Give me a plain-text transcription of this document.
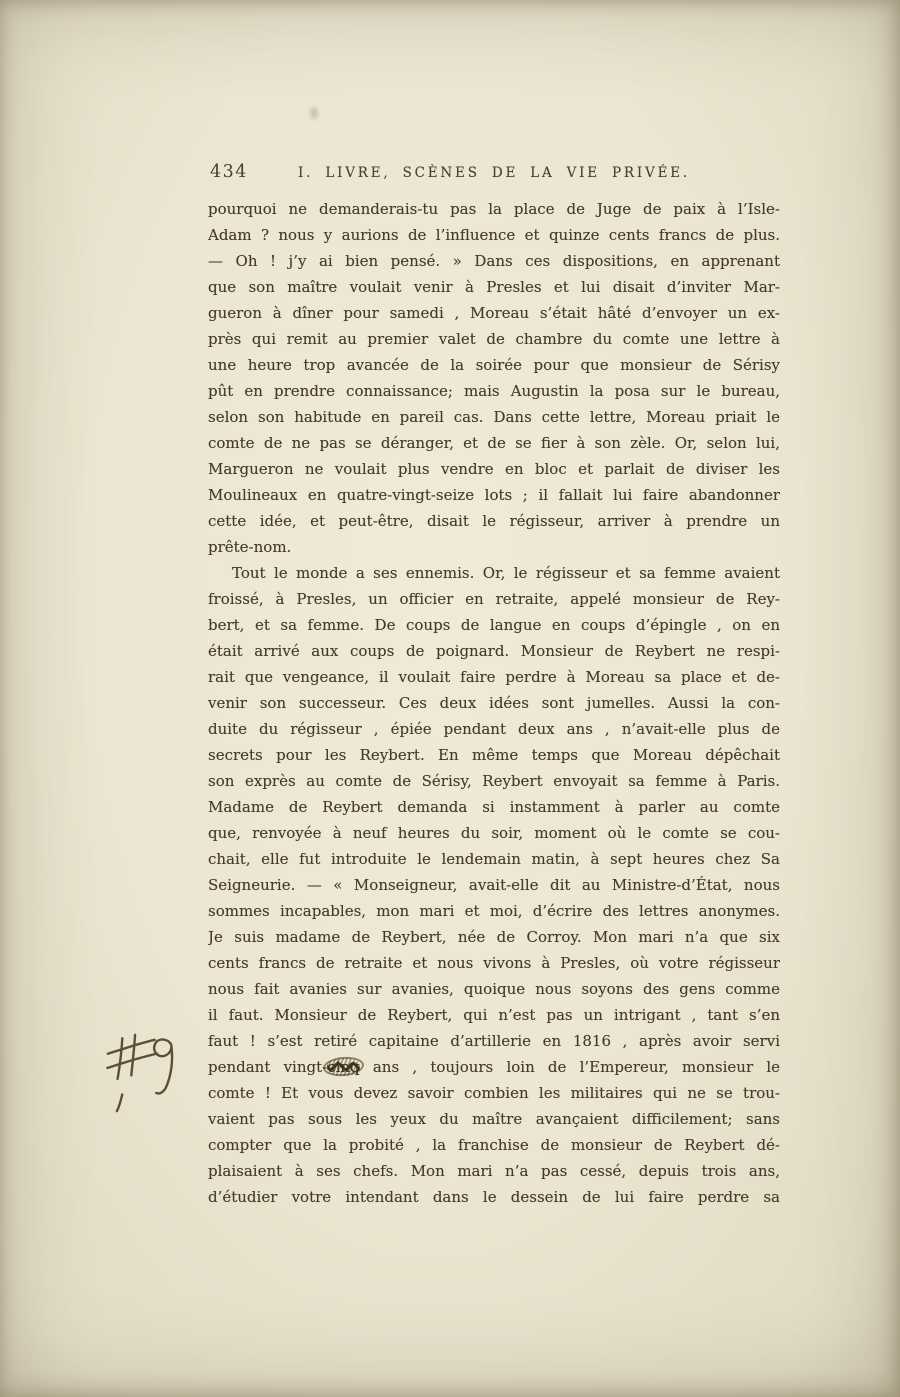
434	I. LIVRE, SCÈNES DE LA VIE PRIVÉE.
pourquoi ne demanderais-tu pas la place de Juge de paix à l’Isle-
Adam ? nous y aurions de l’influence et quinze cents francs de plus.
— Oh ! j’y ai bien pensé. » Dans ces dispositions, en apprenant
que son maître voulait venir à Presles et lui disait d’inviter Mar-
gueron à dîner pour samedi , Moreau s’était hâté d’envoyer un ex-
près qui remit au premier valet de chambre du comte une lettre à
une heure trop avancée de la soirée pour que monsieur de Sérisy
pût en prendre connaissance; mais Augustin la posa sur le bureau,
selon son habitude en pareil cas. Dans cette lettre, Moreau priait le
comte de ne pas se déranger, et de se fier à son zèle. Or, selon lui,
Margueron ne voulait plus vendre en bloc et parlait de diviser les
Moulineaux en quatre-vingt-seize lots ; il fallait lui faire abandonner
cette idée, et peut-être, disait le régisseur, arriver à prendre un
prête-nom.
Tout le monde a ses ennemis. Or, le régisseur et sa femme avaient
froissé, à Presles, un officier en retraite, appelé monsieur de Rey-
bert, et sa femme. De coups de langue en coups d’épingle , on en
était arrivé aux coups de poignard. Monsieur de Reybert ne respi-
rait que vengeance, il voulait faire perdre à Moreau sa place et de-
venir son successeur. Ces deux idées sont jumelles. Aussi la con-
duite du régisseur , épiée pendant deux ans , n’avait-elle plus de
secrets pour les Reybert. En même temps que Moreau dépêchait
son exprès au comte de Sérisy, Reybert envoyait sa femme à Paris.
Madame de Reybert demanda si instamment à parler au comte
que, renvoyée à neuf heures du soir, moment où le comte se cou-
chait, elle fut introduite le lendemain matin, à sept heures chez Sa
Seigneurie. — « Monseigneur, avait-elle dit au Ministre-d’État, nous
sommes incapables, mon mari et moi, d’écrire des lettres anonymes.
Je suis madame de Reybert, née de Corroy. Mon mari n’a que six
cents francs de retraite et nous vivons à Presles, où votre régisseur
nous fait avanies sur avanies, quoique nous soyons des gens comme
il faut. Monsieur de Reybert, qui n’est pas un intrigant , tant s’en
faut ! s’est retiré capitaine d’artillerie en 1816 , après avoir servi
pendant vingt-cinq ans , toujours loin de l’Empereur, monsieur le
comte ! Et vous devez savoir combien les militaires qui ne se trou-
vaient pas sous les yeux du maître avançaient difficilement; sans
compter que la probité , la franchise de monsieur de Reybert dé-
plaisaient à ses chefs. Mon mari n’a pas cessé, depuis trois ans,
d’étudier votre intendant dans le dessein de lui faire perdre sa
